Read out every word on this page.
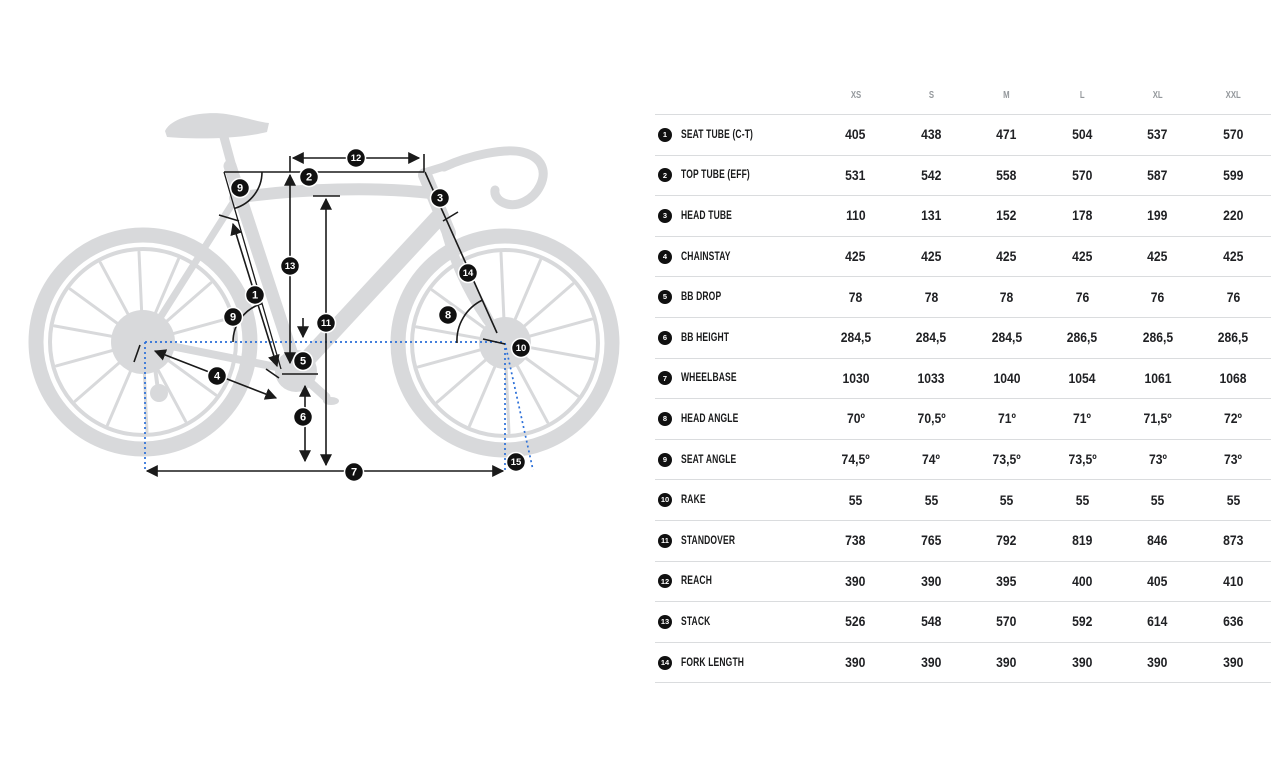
1
2
3
4
5
6
7
8
9
9
10
11
12
13
14
15
XS	S	M	L	XL	XXL
1	SEAT TUBE (C-T)	405	438	471	504	537	570
2	TOP TUBE (EFF)	531	542	558	570	587	599
3	HEAD TUBE	110	131	152	178	199	220
4	CHAINSTAY	425	425	425	425	425	425
5	BB DROP	78	78	78	76	76	76
6	BB HEIGHT	284,5	284,5	284,5	286,5	286,5	286,5
7	WHEELBASE	1030	1033	1040	1054	1061	1068
8	HEAD ANGLE	70º	70,5º	71º	71º	71,5º	72º
9	SEAT ANGLE	74,5º	74º	73,5º	73,5º	73º	73º
10 RAKE	55	55	55	55	55	55
11 STANDOVER	738	765	792	819	846	873
12 REACH	390	390	395	400	405	410
13 STACK	526	548	570	592	614	636
14 FORK LENGTH	390	390	390	390	390	390
